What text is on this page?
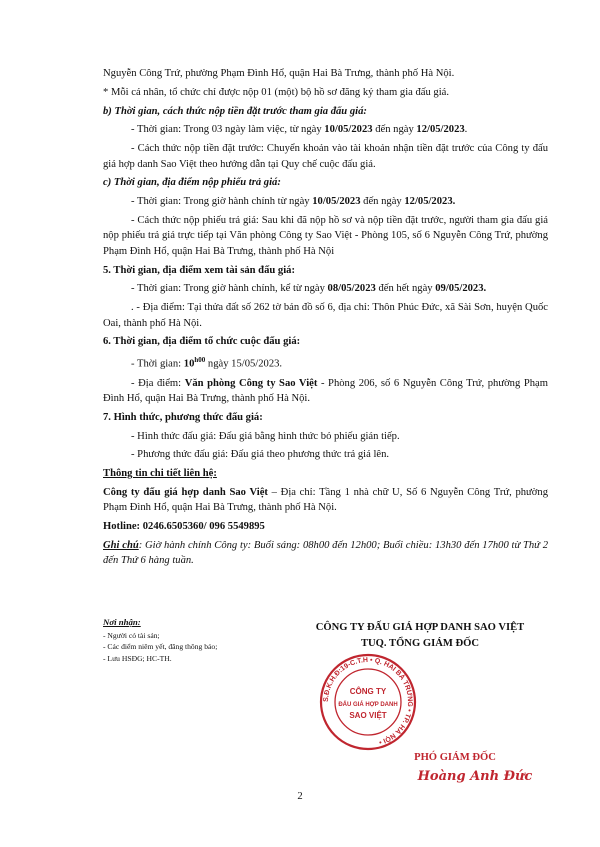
Nguyễn Công Trứ, phường Phạm Đình Hổ, quận Hai Bà Trưng, thành phố Hà Nội.

* Mỗi cá nhân, tổ chức chỉ được nộp 01 (một) bộ hồ sơ đăng ký tham gia đấu giá.

b) Thời gian, cách thức nộp tiền đặt trước tham gia đấu giá:

- Thời gian: Trong 03 ngày làm việc, từ ngày 10/05/2023 đến ngày 12/05/2023.

- Cách thức nộp tiền đặt trước: Chuyển khoản vào tài khoản nhận tiền đặt trước của Công ty đấu giá hợp danh Sao Việt theo hướng dẫn tại Quy chế cuộc đấu giá.

c) Thời gian, địa điểm nộp phiếu trả giá:

- Thời gian: Trong giờ hành chính từ ngày 10/05/2023 đến ngày 12/05/2023.

- Cách thức nộp phiếu trả giá: Sau khi đã nộp hồ sơ và nộp tiền đặt trước, người tham gia đấu giá nộp phiếu trả giá trực tiếp tại Văn phòng Công ty Sao Việt - Phòng 105, số 6 Nguyễn Công Trứ, phường Phạm Đình Hổ, quận Hai Bà Trưng, thành phố Hà Nội

5. Thời gian, địa điểm xem tài sản đấu giá:

- Thời gian: Trong giờ hành chính, kể từ ngày 08/05/2023 đến hết ngày 09/05/2023.

. - Địa điểm: Tại thửa đất số 262 tờ bản đồ số 6, địa chỉ: Thôn Phúc Đức, xã Sài Sơn, huyện Quốc Oai, thành phố Hà Nội.

6. Thời gian, địa điểm tổ chức cuộc đấu giá:

- Thời gian: $10^{h00}$ ngày 15/05/2023.

- Địa điểm: Văn phòng Công ty Sao Việt - Phòng 206, số 6 Nguyễn Công Trứ, phường Phạm Đình Hổ, quận Hai Bà Trưng, thành phố Hà Nội.

7. Hình thức, phương thức đấu giá:

- Hình thức đấu giá: Đấu giá bằng hình thức bỏ phiếu gián tiếp.

- Phương thức đấu giá: Đấu giá theo phương thức trả giá lên.

Thông tin chi tiết liên hệ:

Công ty đấu giá hợp danh Sao Việt – Địa chỉ: Tầng 1 nhà chữ U, Số 6 Nguyễn Công Trứ, phường Phạm Đình Hổ, quận Hai Bà Trưng, thành phố Hà Nội.

Hotline: 0246.6505360/ 096 5549895

Ghi chú: Giờ hành chính Công ty: Buổi sáng: 08h00 đến 12h00; Buổi chiều: 13h30 đến 17h00 từ Thứ 2 đến Thứ 6 hàng tuần.

Nơi nhận:
- Người có tài sản;
- Các điểm niêm yết, đăng thông báo;
- Lưu HSĐG; HC-TH.
CÔNG TY ĐẤU GIÁ HỢP DANH SAO VIỆT
TUQ. TỔNG GIÁM ĐỐC
S.Đ.K.H.Đ:19-C.T.H • Q. HAI BÀ TRƯNG • TP. HÀ NỘI •
CÔNG TY
ĐẤU GIÁ HỢP DANH
SAO VIỆT
PHÓ GIÁM ĐỐC
Hoàng Anh Đức
2
